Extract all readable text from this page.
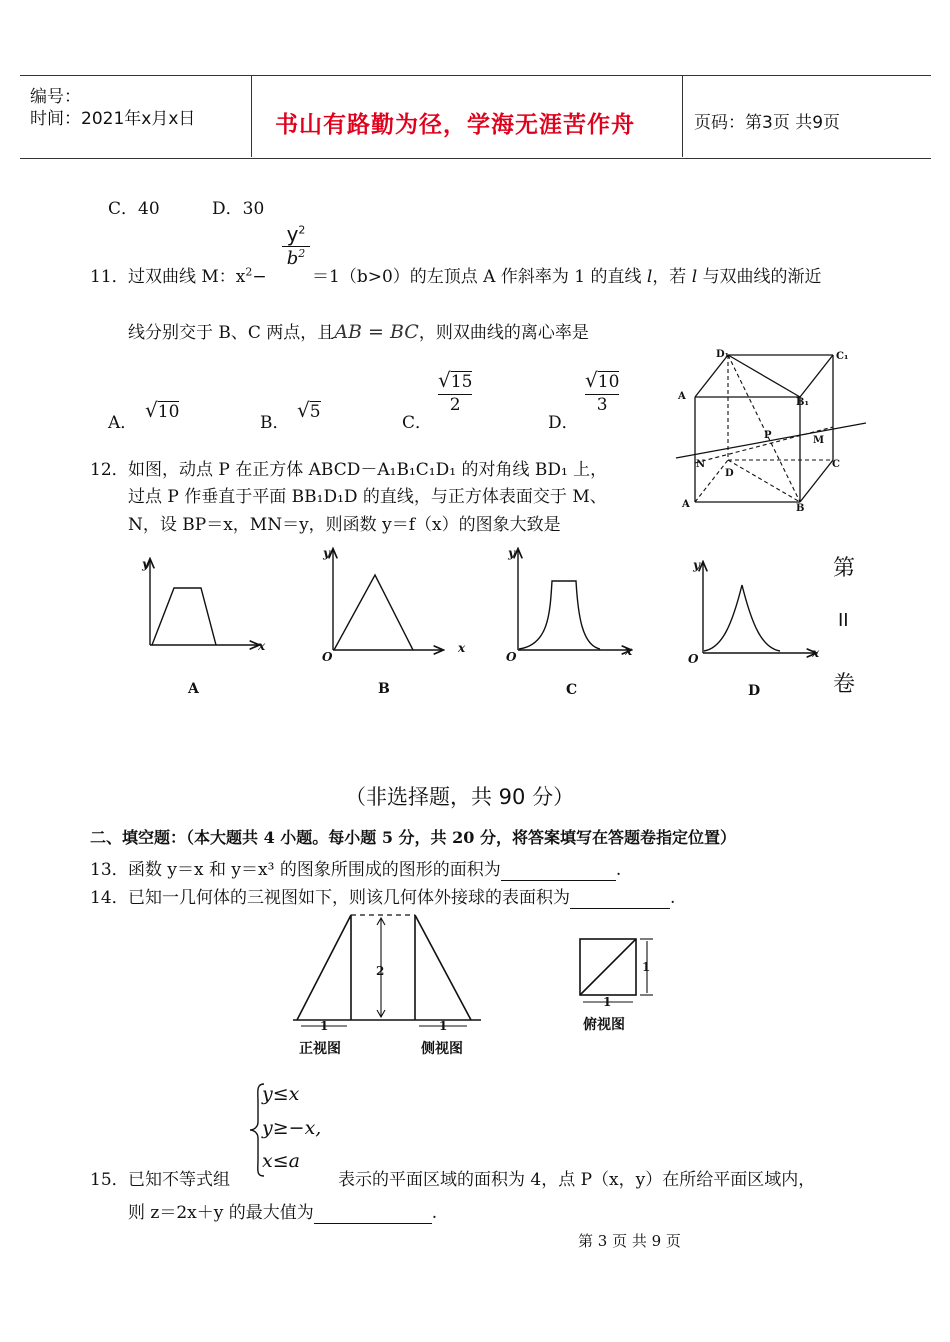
编号：
时间：2021年x月x日	书山有路勤为径，学海无涯苦作舟	页码：第3页 共9页
C．40	D．30
11． 过双曲线 M：$x^2-$
$y^2$
$b^2$
＝1（b>0）的左顶点 A 作斜率为 1 的直线 l，若 l 与双曲线的渐近
线分别交于 B、C 两点，且AB = BC，则双曲线的离心率是
A．
√10
B．
√5
C．
√15
2
D．
√10
3
D₁	C₁
A
B₁
P	M
N
D
C
A	B
12． 如图，动点 P 在正方体 ABCD－A₁B₁C₁D₁ 的对角线 BD₁ 上，
过点 P 作垂直于平面 BB₁D₁D 的直线，与正方体表面交于 M、
N，设 BP＝x，MN＝y，则函数 y＝f（x）的图象大致是
y
x
y
O
x
y
O	x
y
O	x
A	B	C	D
第
II
卷
（非选择题，共 90 分）
二、填空题：（本大题共 4 小题。每小题 5 分，共 20 分，将答案填写在答题卷指定位置）
13． 函数 y＝x 和 y＝x³ 的图象所围成的图形的面积为	.
14． 已知一几何体的三视图如下，则该几何体外接球的表面积为	.
2
1	1
1
1
正视图	侧视图
俯视图
y≤x
y≥−x,
x≤a
15． 已知不等式组	表示的平面区域的面积为 4，点 P（x，y）在所给平面区域内，
则 z＝2x＋y 的最大值为	.
第 3 页 共 9 页
